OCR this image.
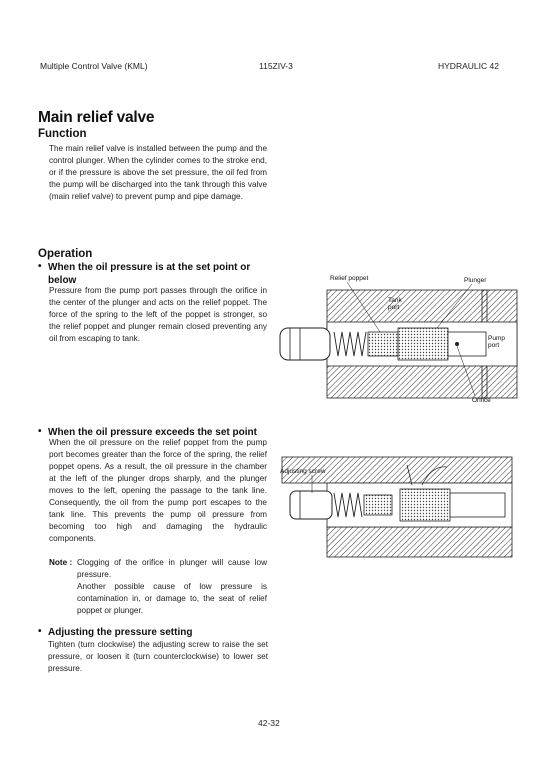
Multiple Control Valve (KML)	115ZIV-3	HYDRAULIC 42
Main relief valve
Function
The main relief valve is installed between the pump and the control plunger. When the cylinder comes to the stroke end, or if the pressure is above the set pressure, the oil fed from the pump will be discharged into the tank through this valve (main relief valve) to prevent pump and pipe damage.
Operation
• When the oil pressure is at the set point or below
Pressure from the pump port passes through the orifice in the center of the plunger and acts on the relief poppet. The force of the spring to the left of the poppet is stronger, so the relief poppet and plunger remain closed preventing any oil from escaping to tank.
• When the oil pressure exceeds the set point
When the oil pressure on the relief poppet from the pump port becomes greater than the force of the spring, the relief poppet opens. As a result, the oil pressure in the chamber at the left of the plunger drops sharply, and the plunger moves to the left, opening the passage to the tank line. Consequently, the oil from the pump port escapes to the tank line. This prevents the pump oil pressure from becoming too high and damaging the hydraulic components.
Note : Clogging of the orifice in plunger will cause low pressure.

Another possible cause of low pressure is contamination in, or damage to, the seat of relief poppet or plunger.

• Adjusting the pressure setting
Tighten (turn clockwise) the adjusting screw to raise the set pressure, or loosen it (turn counterclockwise) to lower set pressure.
Relief poppet	Plunger
Tank port
Pump port
Orifice
Adjusting screw
42-32
